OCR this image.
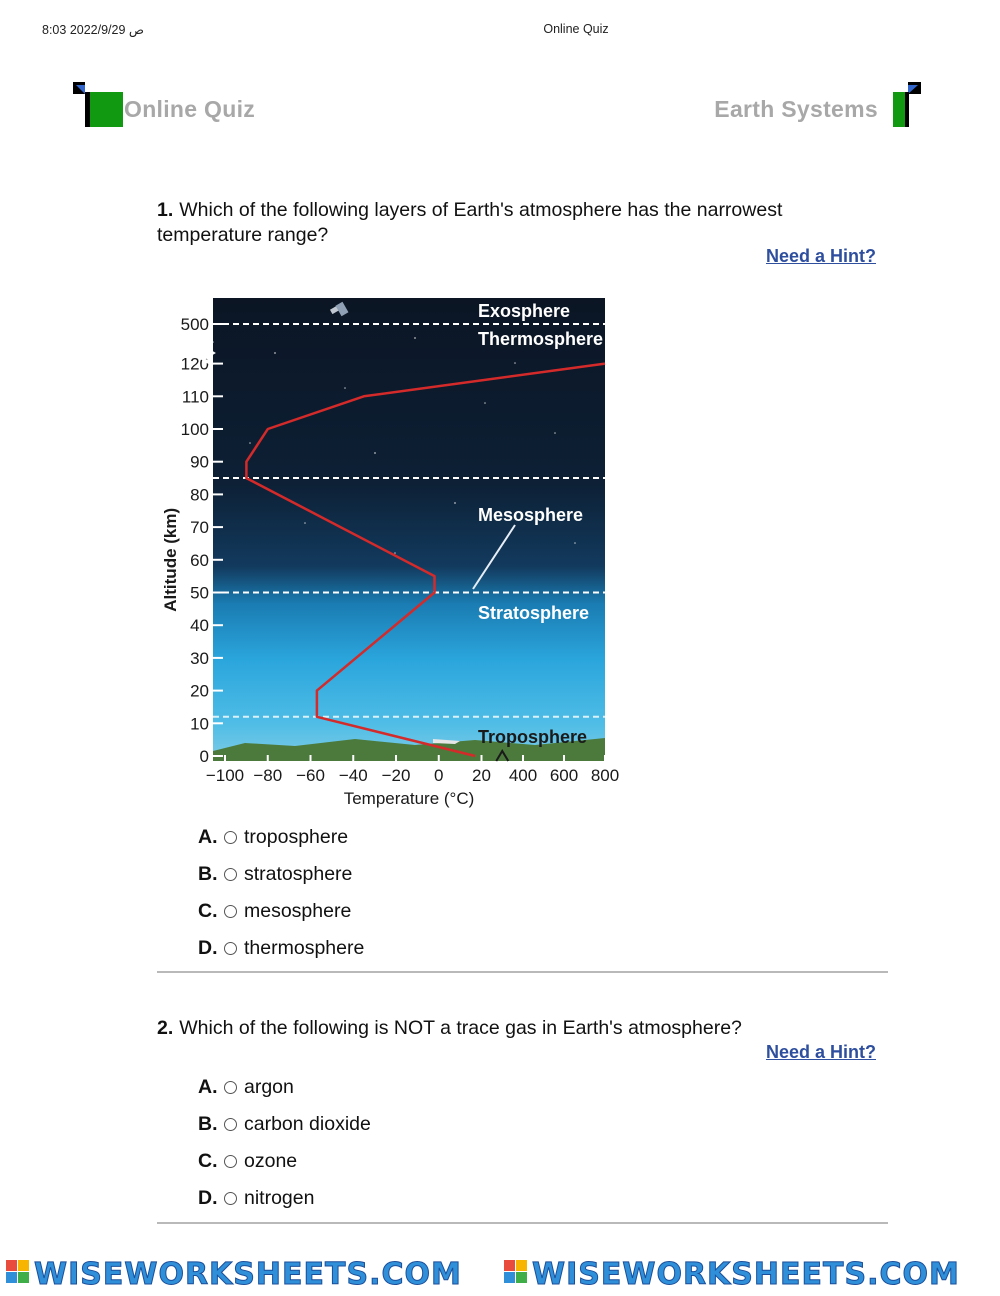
8:03 ص 2022/9/29	Online Quiz
Online Quiz	Earth Systems
1. Which of the following layers of Earth's atmosphere has the narrowest temperature range?
Need a Hint?
Temperature (°C)
Altitude (km)
Exosphere
Thermosphere
Mesosphere
Stratosphere
Troposphere
0
10
20
30
40
50
60
70
80
90
100
110
120
500
−100 −80 −60 −40 −20 0 20 400 600 800
A.	troposphere
B.	stratosphere
C.	mesosphere
D.	thermosphere
2. Which of the following is NOT a trace gas in Earth's atmosphere?
Need a Hint?
A.	argon
B.	carbon dioxide
C.	ozone
D.	nitrogen
WISEWORKSHEETS.COM WISEWORKSHEETS.COM
